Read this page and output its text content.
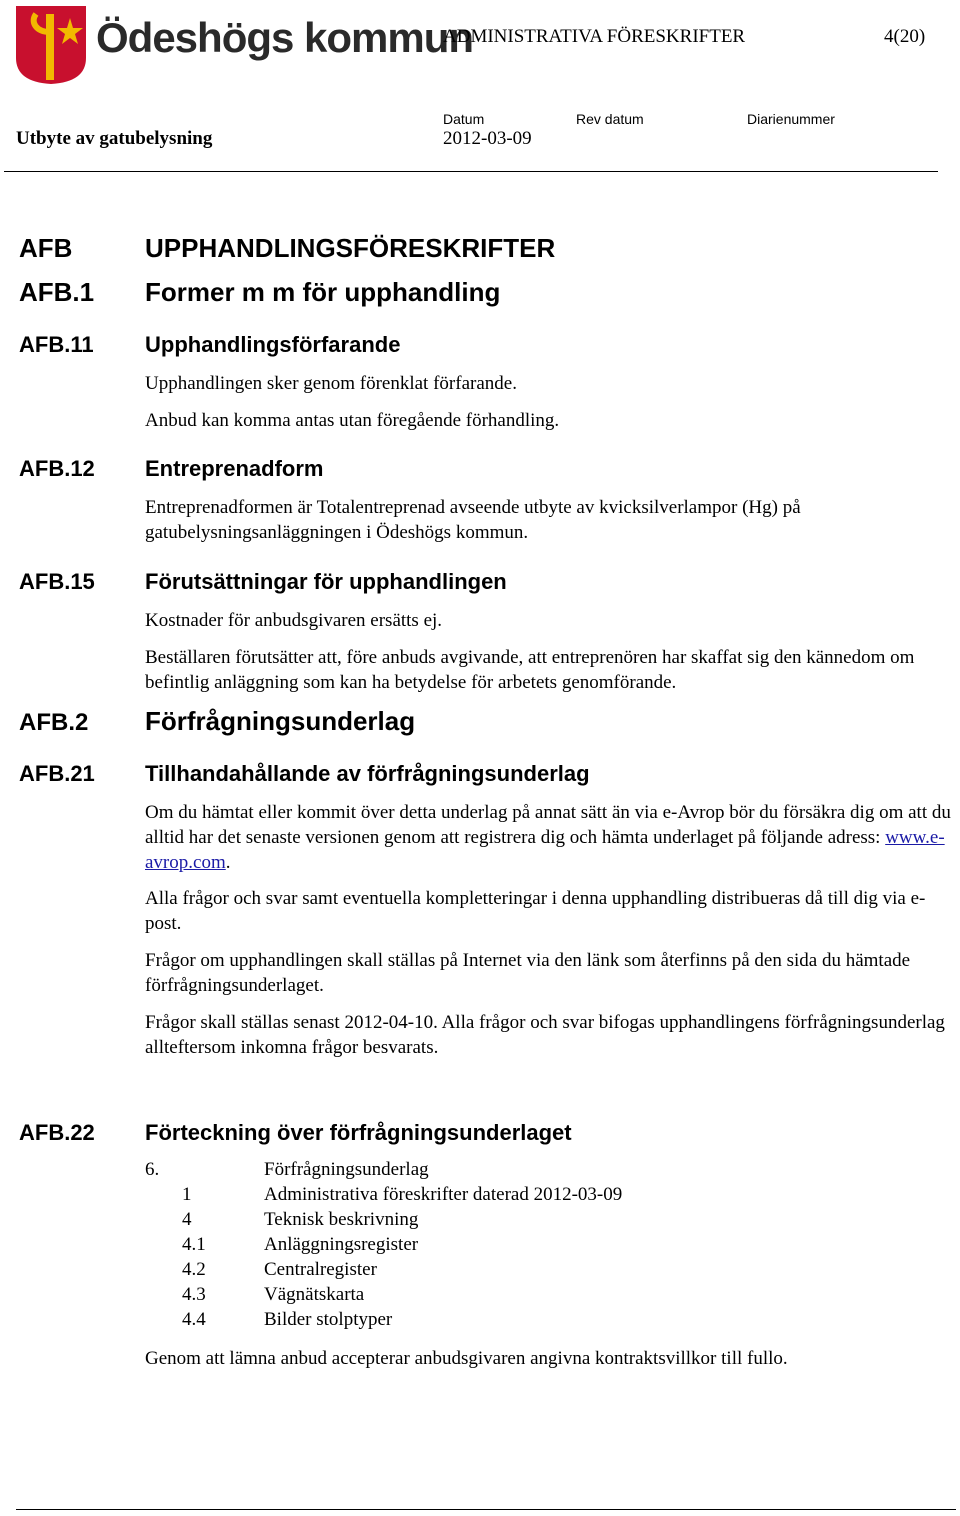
Ödeshögs kommun
ADMINISTRATIVA FÖRESKRIFTER	4(20)
Utbyte av gatubelysning
Datum	Rev datum	Diarienummer
2012-03-09
AFB	UPPHANDLINGSFÖRESKRIFTER
AFB.1 Former m m för upphandling
AFB.11 Upphandlingsförfarande
Upphandlingen sker genom förenklat förfarande.
Anbud kan komma antas utan föregående förhandling.
AFB.12 Entreprenadform
Entreprenadformen är Totalentreprenad avseende utbyte av kvicksilverlampor (Hg) på gatubelysningsanläggningen i Ödeshögs kommun.
AFB.15 Förutsättningar för upphandlingen
Kostnader för anbudsgivaren ersätts ej.
Beställaren förutsätter att, före anbuds avgivande, att entreprenören har skaffat sig den kännedom om befintlig anläggning som kan ha betydelse för arbetets genomförande.
AFB.2 Förfrågningsunderlag
AFB.21 Tillhandahållande av förfrågningsunderlag
Om du hämtat eller kommit över detta underlag på annat sätt än via e-Avrop bör du försäkra dig om att du alltid har det senaste versionen genom att registrera dig och hämta underlaget på följande adress: www.e-avrop.com.
Alla frågor och svar samt eventuella kompletteringar i denna upphandling distribueras då till dig via e-post.
Frågor om upphandlingen skall ställas på Internet via den länk som återfinns på den sida du hämtade förfrågningsunderlaget.
Frågor skall ställas senast 2012-04-10. Alla frågor och svar bifogas upphandlingens förfrågningsunderlag allteftersom inkomna frågor besvarats.
AFB.22 Förteckning över förfrågningsunderlaget
6.	Förfrågningsunderlag
1	Administrativa föreskrifter daterad 2012-03-09
4	Teknisk beskrivning
4.1	Anläggningsregister
4.2	Centralregister
4.3	Vägnätskarta
4.4	Bilder stolptyper
Genom att lämna anbud accepterar anbudsgivaren angivna kontraktsvillkor till fullo.
